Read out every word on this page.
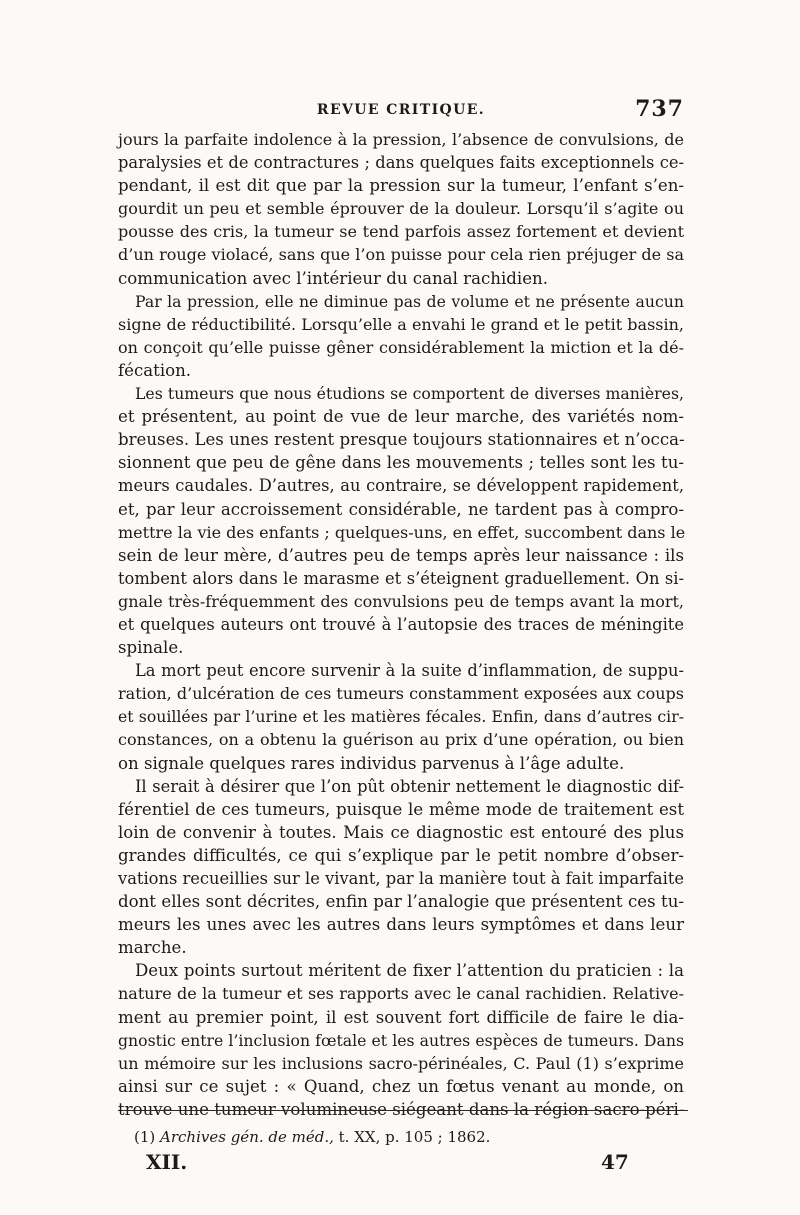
REVUE CRITIQUE.	737
jours la parfaite indolence à la pression, l’absence de convulsions, de
paralysies et de contractures ; dans quelques faits exceptionnels ce-
pendant, il est dit que par la pression sur la tumeur, l’enfant s’en-
gourdit un peu et semble éprouver de la douleur. Lorsqu’il s’agite ou
pousse des cris, la tumeur se tend parfois assez fortement et devient
d’un rouge violacé, sans que l’on puisse pour cela rien préjuger de sa
communication avec l’intérieur du canal rachidien.
Par la pression, elle ne diminue pas de volume et ne présente aucun
signe de réductibilité. Lorsqu’elle a envahi le grand et le petit bassin,
on conçoit qu’elle puisse gêner considérablement la miction et la dé-
fécation.
Les tumeurs que nous étudions se comportent de diverses manières,
et présentent, au point de vue de leur marche, des variétés nom-
breuses. Les unes restent presque toujours stationnaires et n’occa-
sionnent que peu de gêne dans les mouvements ; telles sont les tu-
meurs caudales. D’autres, au contraire, se développent rapidement,
et, par leur accroissement considérable, ne tardent pas à compro-
mettre la vie des enfants ; quelques-uns, en effet, succombent dans le
sein de leur mère, d’autres peu de temps après leur naissance : ils
tombent alors dans le marasme et s’éteignent graduellement. On si-
gnale très-fréquemment des convulsions peu de temps avant la mort,
et quelques auteurs ont trouvé à l’autopsie des traces de méningite
spinale.
La mort peut encore survenir à la suite d’inflammation, de suppu-
ration, d’ulcération de ces tumeurs constamment exposées aux coups
et souillées par l’urine et les matières fécales. Enfin, dans d’autres cir-
constances, on a obtenu la guérison au prix d’une opération, ou bien
on signale quelques rares individus parvenus à l’âge adulte.
Il serait à désirer que l’on pût obtenir nettement le diagnostic dif-
férentiel de ces tumeurs, puisque le même mode de traitement est
loin de convenir à toutes. Mais ce diagnostic est entouré des plus
grandes difficultés, ce qui s’explique par le petit nombre d’obser-
vations recueillies sur le vivant, par la manière tout à fait imparfaite
dont elles sont décrites, enfin par l’analogie que présentent ces tu-
meurs les unes avec les autres dans leurs symptômes et dans leur
marche.
Deux points surtout méritent de fixer l’attention du praticien : la
nature de la tumeur et ses rapports avec le canal rachidien. Relative-
ment au premier point, il est souvent fort difficile de faire le dia-
gnostic entre l’inclusion fœtale et les autres espèces de tumeurs. Dans
un mémoire sur les inclusions sacro-périnéales, C. Paul (1) s’exprime
ainsi sur ce sujet : « Quand, chez un fœtus venant au monde, on
trouve une tumeur volumineuse siégeant dans la région sacro-péri-
(1) Archives gén. de méd., t. XX, p. 105 ; 1862.
XII.	47
